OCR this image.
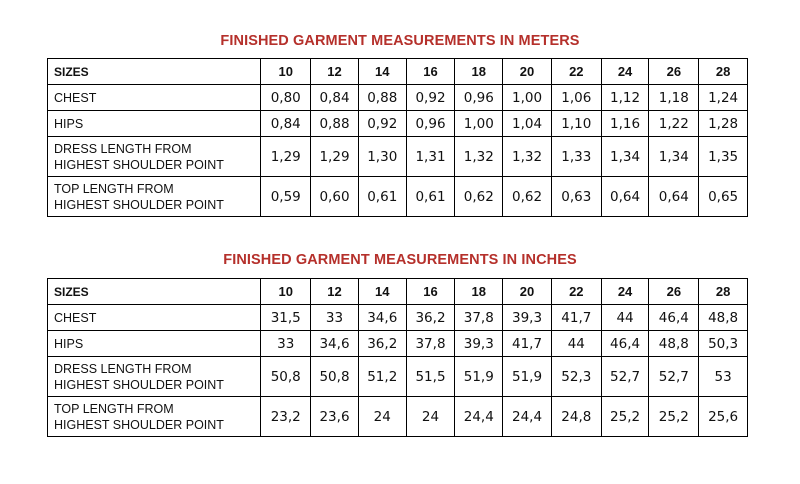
FINISHED GARMENT MEASUREMENTS IN METERS
SIZES	10	12	14	16	18	20	22	24	26	28
CHEST	0,80	0,84	0,88	0,92	0,96	1,00	1,06	1,12	1,18	1,24
HIPS	0,84	0,88	0,92	0,96	1,00	1,04	1,10	1,16	1,22	1,28

DRESS LENGTH FROM
HIGHEST SHOULDER POINT	1,29	1,29	1,30	1,31	1,32	1,32	1,33	1,34	1,34	1,35

TOP LENGTH FROM
HIGHEST SHOULDER POINT	0,59	0,60	0,61	0,61	0,62	0,62	0,63	0,64	0,64	0,65
FINISHED GARMENT MEASUREMENTS IN INCHES
SIZES	10	12	14	16	18	20	22	24	26	28
CHEST	31,5	33	34,6	36,2	37,8	39,3	41,7	44	46,4	48,8
HIPS	33	34,6	36,2	37,8	39,3	41,7	44	46,4	48,8	50,3

DRESS LENGTH FROM
HIGHEST SHOULDER POINT	50,8	50,8	51,2	51,5	51,9	51,9	52,3	52,7	52,7	53

TOP LENGTH FROM
HIGHEST SHOULDER POINT	23,2	23,6	24	24	24,4	24,4	24,8	25,2	25,2	25,6
